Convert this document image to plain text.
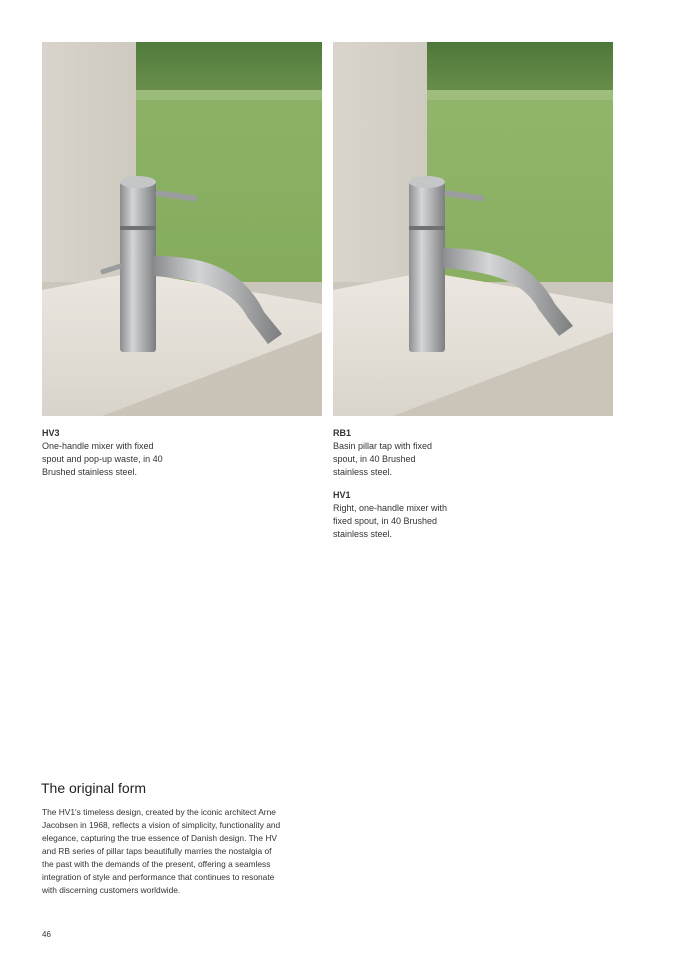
HV3
One-handle mixer with fixed spout and pop-up waste, in 40 Brushed stainless steel.
RB1
Basin pillar tap with fixed spout, in 40 Brushed stainless steel.
HV1
Right, one-handle mixer with fixed spout, in 40 Brushed stainless steel.
The original form

The HV1's timeless design, created by the iconic architect Arne Jacobsen in 1968, reflects a vision of simplicity, functionality and elegance, capturing the true essence of Danish design. The HV and RB series of pillar taps beautifully marries the nostalgia of the past with the demands of the present, offering a seamless integration of style and performance that continues to resonate with discerning customers worldwide.

46
